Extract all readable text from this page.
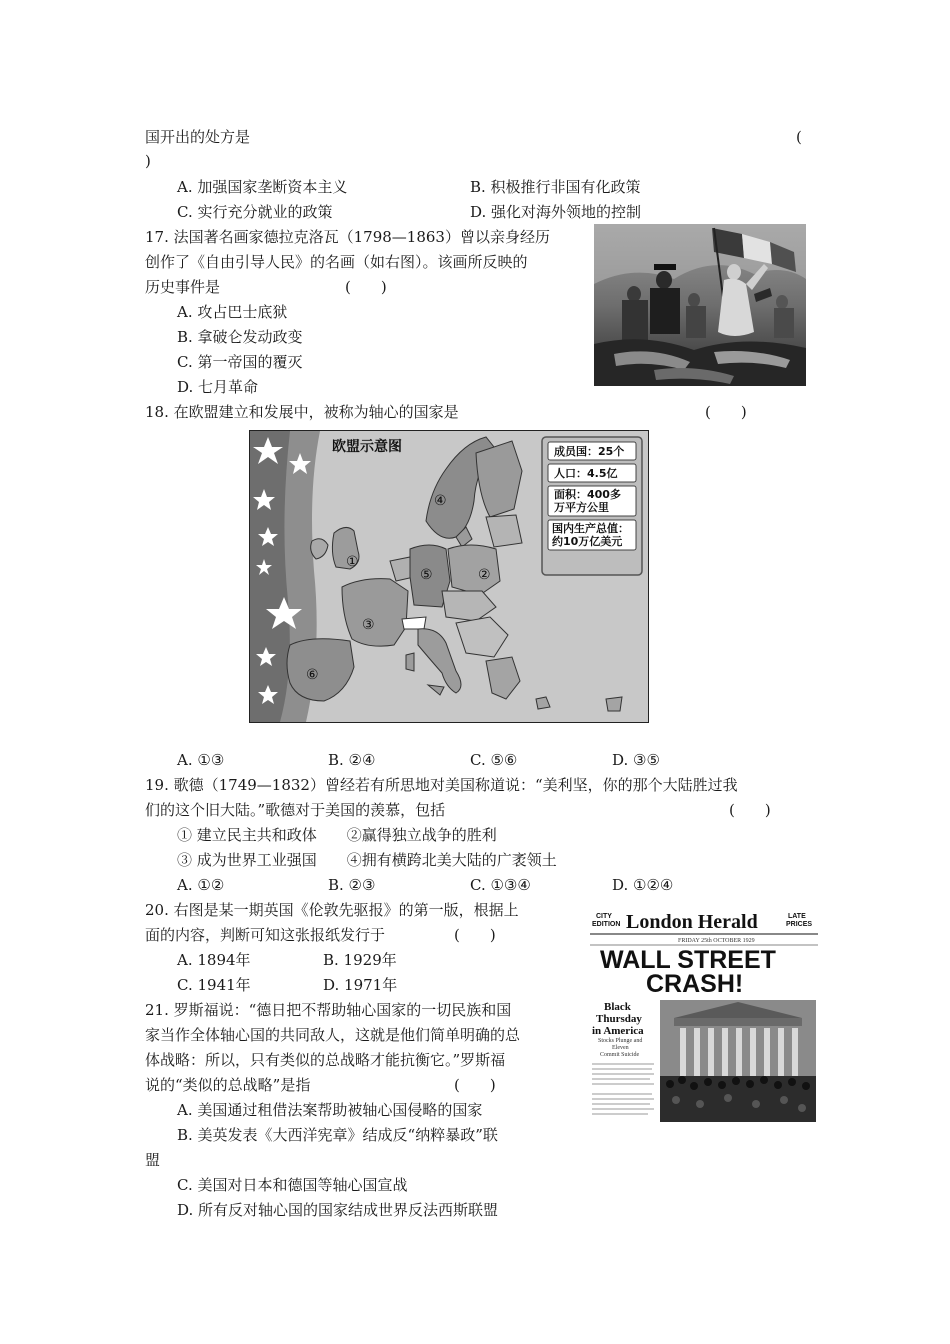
国开出的处方是	(
)
A. 加强国家垄断资本主义	B. 积极推行非国有化政策
C. 实行充分就业的政策	D. 强化对海外领地的控制
17. 法国著名画家德拉克洛瓦（1798—1863）曾以亲身经历
创作了《自由引导人民》的名画（如右图）。该画所反映的
历史事件是	(　　)
A. 攻占巴士底狱
B. 拿破仑发动政变
C. 第一帝国的覆灭
D. 七月革命
18. 在欧盟建立和发展中，被称为轴心的国家是	(　　)
欧盟示意图
①
②
③
④
⑤
⑥
成员国：25个
人口：4.5亿
面积：400多
万平方公里
国内生产总值：
约10万亿美元
A. ①③	B. ②④	C. ⑤⑥	D. ③⑤
19. 歌德（1749—1832）曾经若有所思地对美国称道说：“美利坚，你的那个大陆胜过我
们的这个旧大陆。”歌德对于美国的羡慕，包括	(　　)
① 建立民主共和政体　　②赢得独立战争的胜利
③ 成为世界工业强国　　④拥有横跨北美大陆的广袤领土
A. ①②	B. ②③	C. ①③④	D. ①②④
20. 右图是某一期英国《伦敦先驱报》的第一版，根据上
面的内容，判断可知这张报纸发行于	(　　)
A. 1894年	B. 1929年
C. 1941年	D. 1971年
CITY
EDITION
LATE
PRICES
London Herald
FRIDAY 25th OCTOBER 1929
WALL STREET
CRASH!
Black
Thursday
in America
Stocks Plunge and
Eleven
Commit Suicide
21. 罗斯福说：“德日把不帮助轴心国家的一切民族和国
家当作全体轴心国的共同敌人，这就是他们简单明确的总
体战略：所以，只有类似的总战略才能抗衡它。”罗斯福
说的“类似的总战略”是指	(　　)
A. 美国通过租借法案帮助被轴心国侵略的国家
B. 美英发表《大西洋宪章》结成反“纳粹暴政”联
盟
C. 美国对日本和德国等轴心国宣战
D. 所有反对轴心国的国家结成世界反法西斯联盟
